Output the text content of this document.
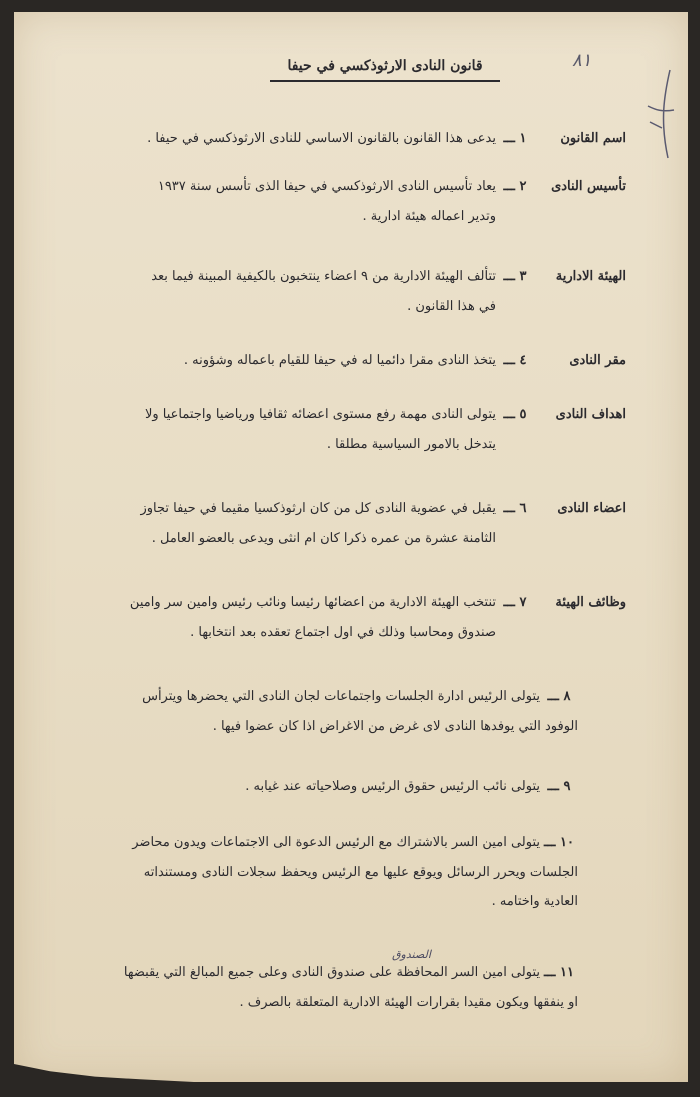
٨١
قانون النادى الارثوذكسي في حيفا
اسم القانون
١ ـــ
يدعى هذا القانون بالقانون الاساسي للنادى الارثوذكسي في حيفا .
تأسيس النادى
٢ ـــ
يعاد تأسيس النادى الارثوذكسي في حيفا الذى تأسس سنة ١٩٣٧
وتدير اعماله هيئة ادارية .
الهيئة الادارية
٣ ـــ
تتألف الهيئة الادارية من ٩ اعضاء ينتخبون بالكيفية المبينة فيما بعد
في هذا القانون .
مقر النادى
٤ ـــ
يتخذ النادى مقرا دائميا له في حيفا للقيام باعماله وشؤونه .
اهداف النادى
٥ ـــ
يتولى النادى مهمة رفع مستوى اعضائه ثقافيا ورياضيا واجتماعيا ولا
يتدخل بالامور السياسية مطلقا .
اعضاء النادى
٦ ـــ
يقبل في عضوية النادى كل من كان ارثوذكسيا مقيما في حيفا تجاوز
الثامنة عشرة من عمره ذكرا كان ام انثى ويدعى بالعضو العامل .
وظائف الهيئة
٧ ـــ
تنتخب الهيئة الادارية من اعضائها رئيسا ونائب رئيس وامين سر وامين
صندوق ومحاسبا وذلك في اول اجتماع تعقده بعد انتخابها .
٨ ـــ
يتولى الرئيس ادارة الجلسات واجتماعات لجان النادى التي يحضرها ويترأس
الوفود التي يوفدها النادى لاى غرض من الاغراض اذا كان عضوا فيها .
٩ ـــ
يتولى نائب الرئيس حقوق الرئيس وصلاحياته عند غيابه .
١٠ ـــ
يتولى امين السر بالاشتراك مع الرئيس الدعوة الى الاجتماعات ويدون محاضر
الجلسات ويحرر الرسائل ويوقع عليها مع الرئيس ويحفظ سجلات النادى ومستنداته
العادية واختامه .
١١ ـــ
يتولى امين السر المحافظة على صندوق النادى وعلى جميع المبالغ التي يقبضها
او ينفقها ويكون مقيدا بقرارات الهيئة الادارية المتعلقة بالصرف .
الصندوق
